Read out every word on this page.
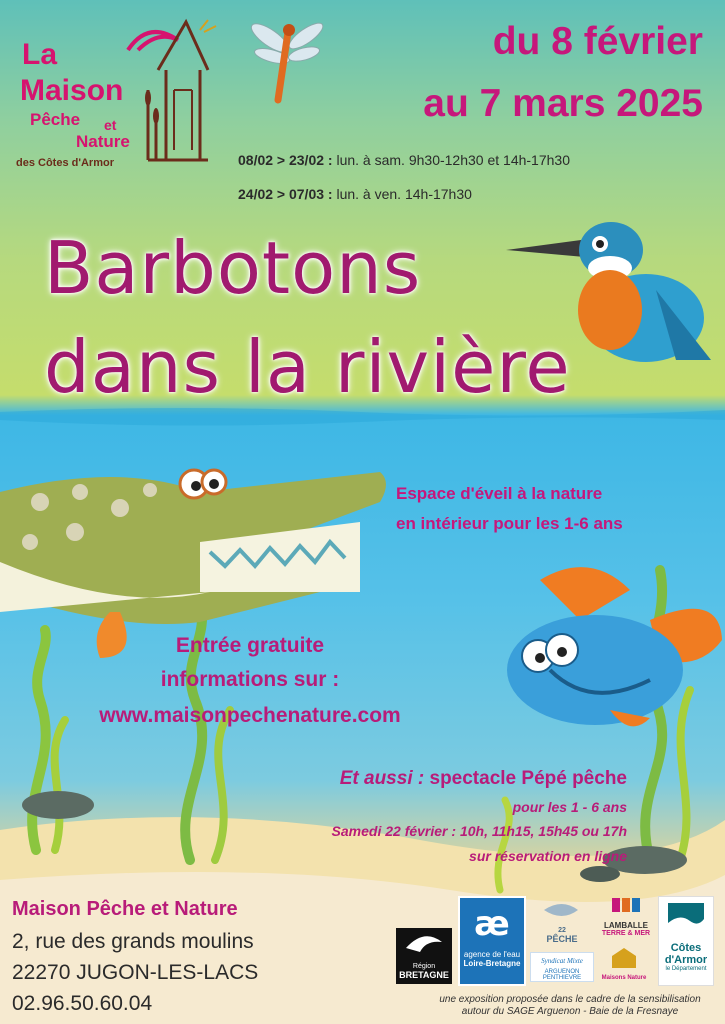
La
Maison
Pêche et
Nature
des Côtes d'Armor
du 8 février
au 7 mars 2025
08/02 > 23/02 : lun. à sam. 9h30-12h30 et 14h-17h30
24/02 > 07/03 : lun. à ven. 14h-17h30
Barbotons
dans la rivière
Espace d'éveil à la nature
en intérieur pour les 1-6 ans
Entrée gratuite
informations sur :
www.maisonpechenature.com
Et aussi : spectacle Pépé pêche
pour les 1 - 6 ans
Samedi 22 février : 10h, 11h15, 15h45 ou 17h
sur réservation en ligne
Maison Pêche et Nature
2, rue des grands moulins
22270 JUGON-LES-LACS
02.96.50.60.04
Région
BRETAGNE
æ
agence de l'eau
Loire-Bretagne
22
PÊCHE
Syndicat Mixte
ARGUENON PENTHIEVRE
LAMBALLE
TERRE & MER
Maisons Nature
Côtes
d'Armor
le Département
une exposition proposée dans le cadre de la sensibilisation
autour du SAGE Arguenon - Baie de la Fresnaye
